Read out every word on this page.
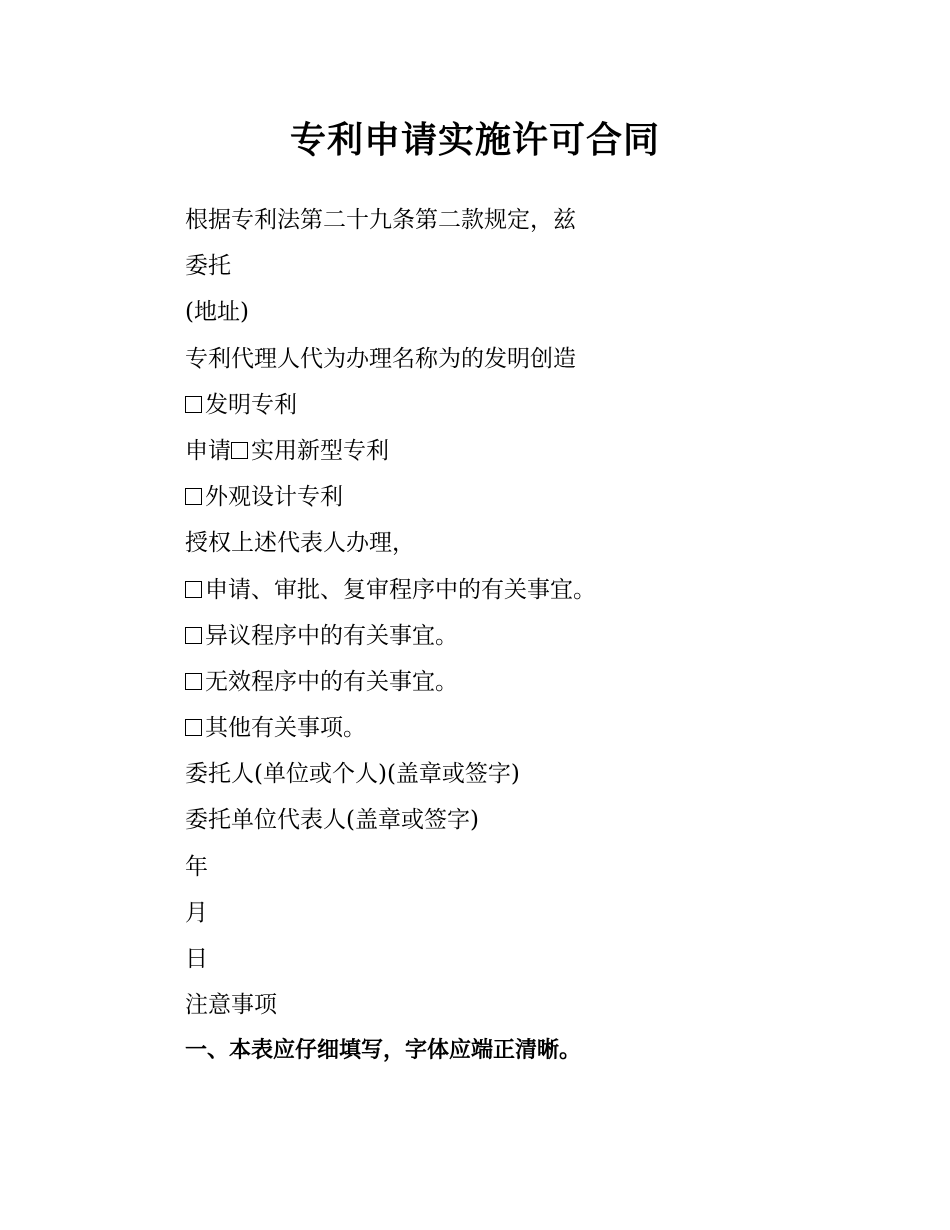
专利申请实施许可合同
根据专利法第二十九条第二款规定，兹
委托
(地址)
专利代理人代为办理名称为的发明创造
发明专利
申请 实用新型专利
外观设计专利
授权上述代表人办理，
申请、审批、复审程序中的有关事宜。
异议程序中的有关事宜。
无效程序中的有关事宜。
其他有关事项。
委托人(单位或个人)(盖章或签字)
委托单位代表人(盖章或签字)
年
月
日
注意事项
一、本表应仔细填写，字体应端正清晰。
